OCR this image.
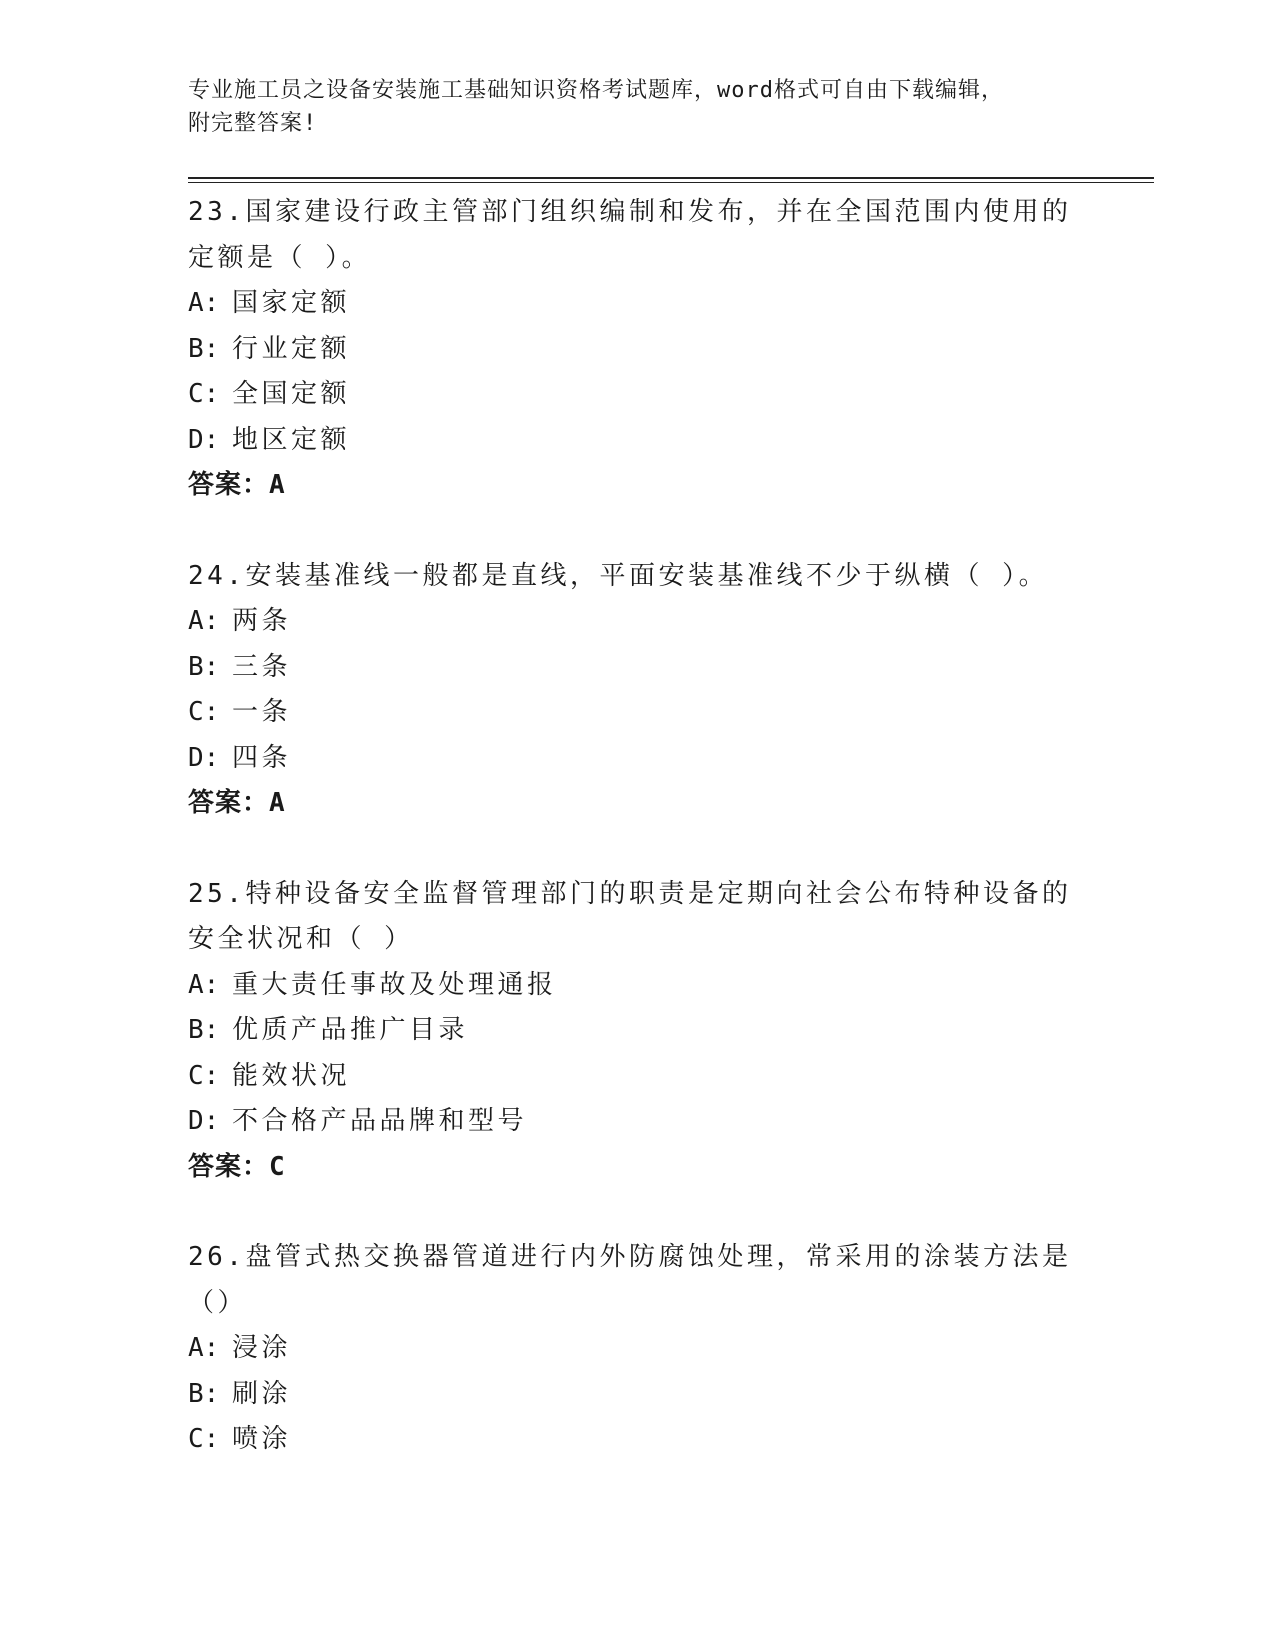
专业施工员之设备安装施工基础知识资格考试题库，word格式可自由下载编辑，
附完整答案!

23.国家建设行政主管部门组织编制和发布，并在全国范围内使用的定额是（ ）。

A: 国家定额

B: 行业定额

C: 全国定额

D: 地区定额

答案：A

24.安装基准线一般都是直线，平面安装基准线不少于纵横（ ）。

A: 两条

B: 三条

C: 一条

D: 四条

答案：A

25.特种设备安全监督管理部门的职责是定期向社会公布特种设备的安全状况和（ ）

A: 重大责任事故及处理通报

B: 优质产品推广目录

C: 能效状况

D: 不合格产品品牌和型号

答案：C

26.盘管式热交换器管道进行内外防腐蚀处理，常采用的涂装方法是（）

A: 浸涂

B: 刷涂

C: 喷涂
